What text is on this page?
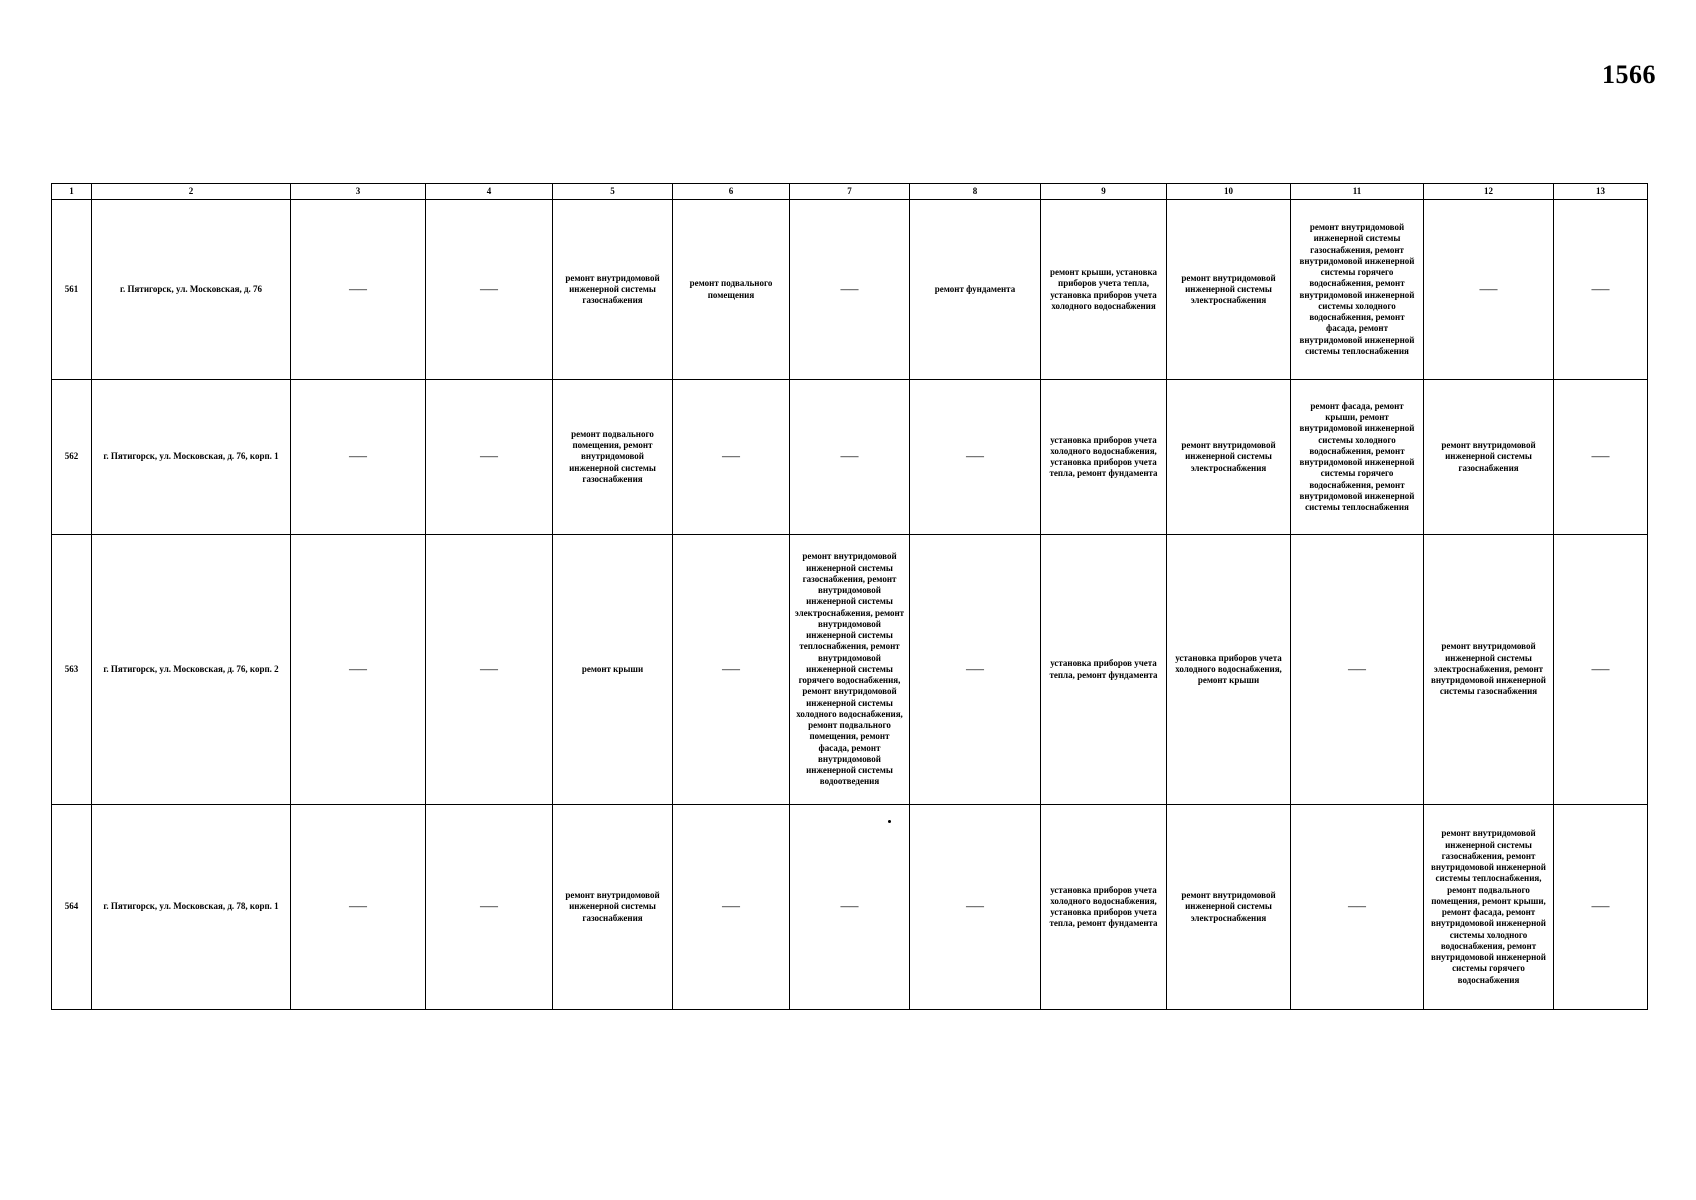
1566
1	2	3	4	5	6	7	8	9	10	11	12	13
561	г. Пятигорск, ул. Московская, д. 76	——	——	ремонт внутридомовой инженерной системы газоснабжения	ремонт подвального помещения	——	ремонт фундамента	ремонт крыши, установка приборов учета тепла, установка приборов учета холодного водоснабжения	ремонт внутридомовой инженерной системы электроснабжения	ремонт внутридомовой инженерной системы газоснабжения, ремонт внутридомовой инженерной системы горячего водоснабжения, ремонт внутридомовой инженерной системы холодного водоснабжения, ремонт фасада, ремонт внутридомовой инженерной системы теплоснабжения	——	——
562	г. Пятигорск, ул. Московская, д. 76, корп. 1	——	——	ремонт подвального помещения, ремонт внутридомовой инженерной системы газоснабжения	——	——	——	установка приборов учета холодного водоснабжения, установка приборов учета тепла, ремонт фундамента	ремонт внутридомовой инженерной системы электроснабжения	ремонт фасада, ремонт крыши, ремонт внутридомовой инженерной системы холодного водоснабжения, ремонт внутридомовой инженерной системы горячего водоснабжения, ремонт внутридомовой инженерной системы теплоснабжения	ремонт внутридомовой инженерной системы газоснабжения	——
563	г. Пятигорск, ул. Московская, д. 76, корп. 2	——	——	ремонт крыши	——	ремонт внутридомовой инженерной системы газоснабжения, ремонт внутридомовой инженерной системы электроснабжения, ремонт внутридомовой инженерной системы теплоснабжения, ремонт внутридомовой инженерной системы горячего водоснабжения, ремонт внутридомовой инженерной системы холодного водоснабжения, ремонт подвального помещения, ремонт фасада, ремонт внутридомовой инженерной системы водоотведения	——	установка приборов учета тепла, ремонт фундамента	установка приборов учета холодного водоснабжения, ремонт крыши	——	ремонт внутридомовой инженерной системы электроснабжения, ремонт внутридомовой инженерной системы газоснабжения	——
564	г. Пятигорск, ул. Московская, д. 78, корп. 1	——	——	ремонт внутридомовой инженерной системы газоснабжения	——	——	——	установка приборов учета холодного водоснабжения, установка приборов учета тепла, ремонт фундамента	ремонт внутридомовой инженерной системы электроснабжения	——	ремонт внутридомовой инженерной системы газоснабжения, ремонт внутридомовой инженерной системы теплоснабжения, ремонт подвального помещения, ремонт крыши, ремонт фасада, ремонт внутридомовой инженерной системы холодного водоснабжения, ремонт внутридомовой инженерной системы горячего водоснабжения	——
